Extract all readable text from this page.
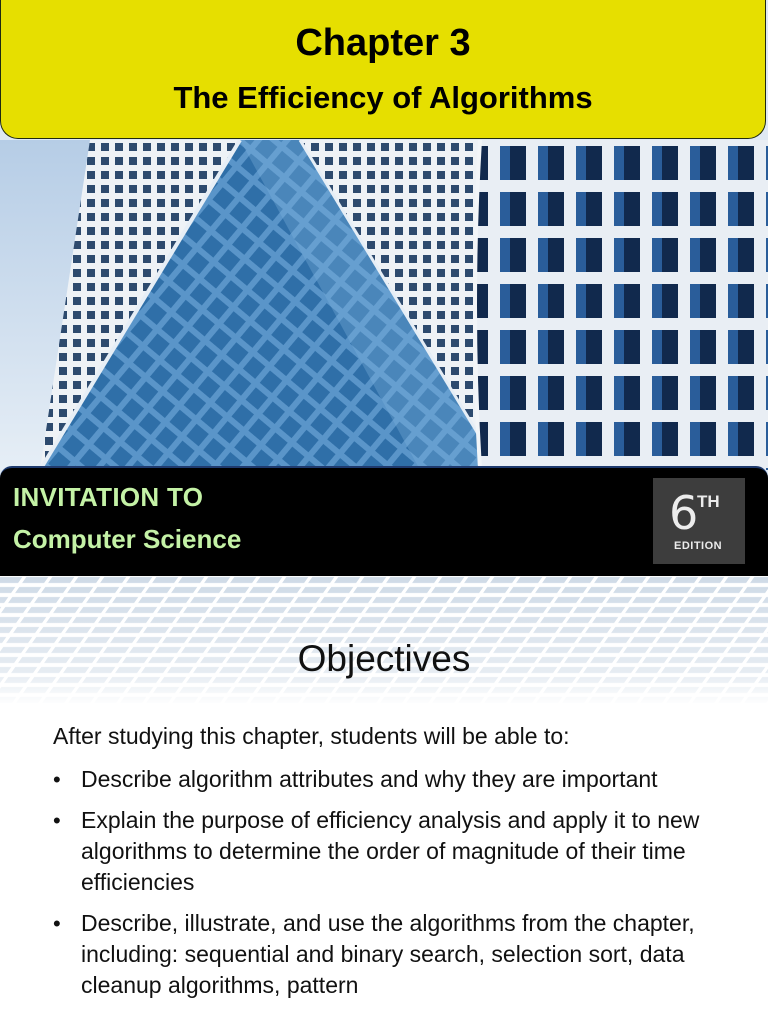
Chapter 3
The Efficiency of Algorithms
INVITATION TO
Computer Science	6
TH
EDITION
Objectives
After studying this chapter, students will be able to:
• Describe algorithm attributes and why they are important
• Explain the purpose of efficiency analysis and apply it to new algorithms to determine the order of magnitude of their time efficiencies
• Describe, illustrate, and use the algorithms from the chapter, including: sequential and binary search, selection sort, data cleanup algorithms, pattern
